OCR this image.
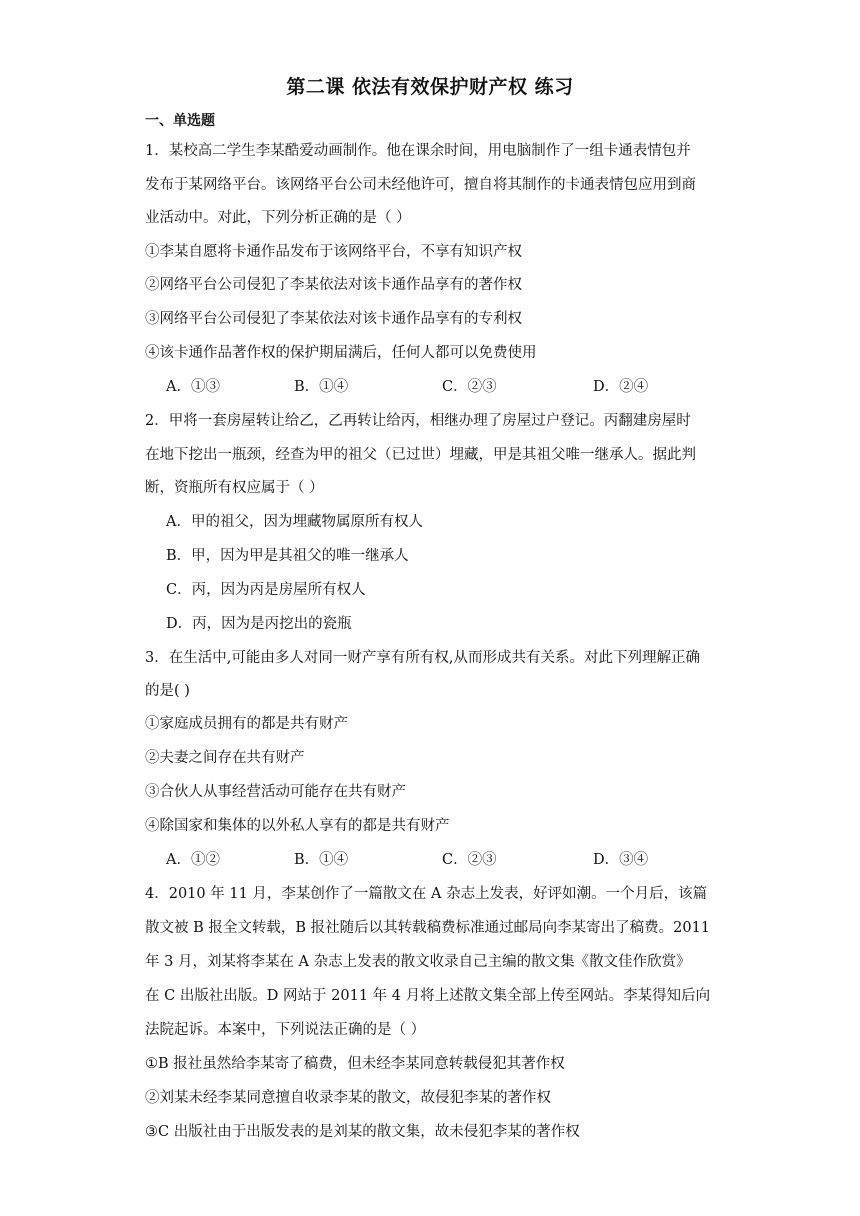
第二课 依法有效保护财产权 练习
一、单选题
1．某校高二学生李某酷爱动画制作。他在课余时间，用电脑制作了一组卡通表情包并
发布于某网络平台。该网络平台公司未经他许可，擅自将其制作的卡通表情包应用到商
业活动中。对此，下列分析正确的是（ ）
①李某自愿将卡通作品发布于该网络平台，不享有知识产权
②网络平台公司侵犯了李某依法对该卡通作品享有的著作权
③网络平台公司侵犯了李某依法对该卡通作品享有的专利权
④该卡通作品著作权的保护期届满后，任何人都可以免费使用
A．①③	B．①④	C．②③	D．②④
2．甲将一套房屋转让给乙，乙再转让给丙，相继办理了房屋过户登记。丙翻建房屋时
在地下挖出一瓶颈，经查为甲的祖父（已过世）埋藏，甲是其祖父唯一继承人。据此判
断，资瓶所有权应属于（ ）
A．甲的祖父，因为埋藏物属原所有权人
B．甲，因为甲是其祖父的唯一继承人
C．丙，因为丙是房屋所有权人
D．丙，因为是丙挖出的瓷瓶
3．在生活中,可能由多人对同一财产享有所有权,从而形成共有关系。对此下列理解正确
的是( )
①家庭成员拥有的都是共有财产
②夫妻之间存在共有财产
③合伙人从事经营活动可能存在共有财产
④除国家和集体的以外私人享有的都是共有财产
A．①②	B．①④	C．②③	D．③④
4．2010 年 11 月，李某创作了一篇散文在 A 杂志上发表，好评如潮。一个月后，该篇
散文被 B 报全文转载，B 报社随后以其转载稿费标准通过邮局向李某寄出了稿费。2011
年 3 月，刘某将李某在 A 杂志上发表的散文收录自己主编的散文集《散文佳作欣赏》
在 C 出版社出版。D 网站于 2011 年 4 月将上述散文集全部上传至网站。李某得知后向
法院起诉。本案中，下列说法正确的是（ ）
①B 报社虽然给李某寄了稿费，但未经李某同意转载侵犯其著作权
②刘某未经李某同意擅自收录李某的散文，故侵犯李某的著作权
③C 出版社由于出版发表的是刘某的散文集，故未侵犯李某的著作权
